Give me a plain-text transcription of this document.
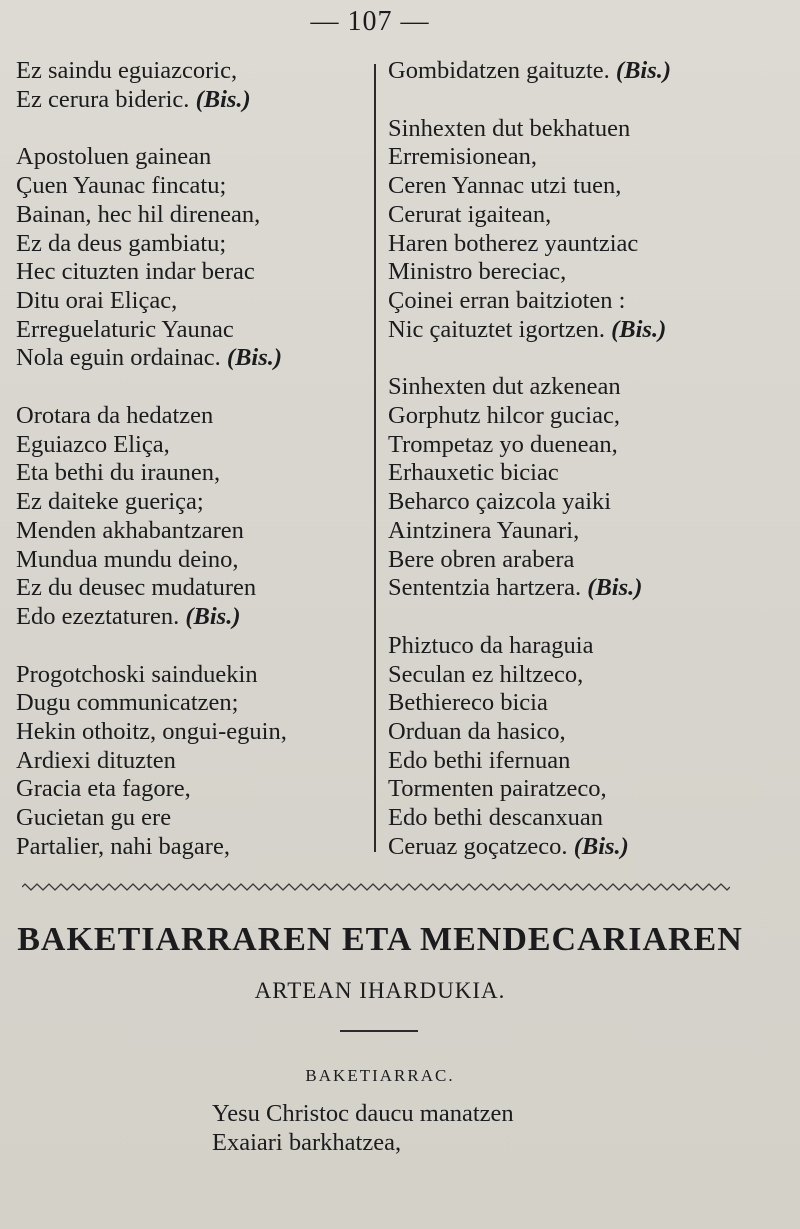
— 107 —
Ez saindu eguiazcoric,
Ez cerura bideric. (Bis.)
Apostoluen gainean
Çuen Yaunac fincatu;
Bainan, hec hil direnean,
Ez da deus gambiatu;
Hec cituzten indar berac
Ditu orai Eliçac,
Erreguelaturic Yaunac
Nola eguin ordainac. (Bis.)
Orotara da hedatzen
Eguiazco Eliça,
Eta bethi du iraunen,
Ez daiteke gueriça;
Menden akhabantzaren
Mundua mundu deino,
Ez du deusec mudaturen
Edo ezeztaturen. (Bis.)
Progotchoski sainduekin
Dugu communicatzen;
Hekin othoitz, ongui-eguin,
Ardiexi dituzten
Gracia eta fagore,
Gucietan gu ere
Partalier, nahi bagare,
Gombidatzen gaituzte. (Bis.)
Sinhexten dut bekhatuen
Erremisionean,
Ceren Yannac utzi tuen,
Cerurat igaitean,
Haren botherez yauntziac
Ministro bereciac,
Çoinei erran baitzioten :
Nic çaituztet igortzen. (Bis.)
Sinhexten dut azkenean
Gorphutz hilcor guciac,
Trompetaz yo duenean,
Erhauxetic biciac
Beharco çaizcola yaiki
Aintzinera Yaunari,
Bere obren arabera
Sententzia hartzera. (Bis.)
Phiztuco da haraguia
Seculan ez hiltzeco,
Bethiereco bicia
Orduan da hasico,
Edo bethi ifernuan
Tormenten pairatzeco,
Edo bethi descanxuan
Ceruaz goçatzeco. (Bis.)
BAKETIARRAREN ETA MENDECARIAREN
ARTEAN IHARDUKIA.
BAKETIARRAC.
Yesu Christoc daucu manatzen
Exaiari barkhatzea,
